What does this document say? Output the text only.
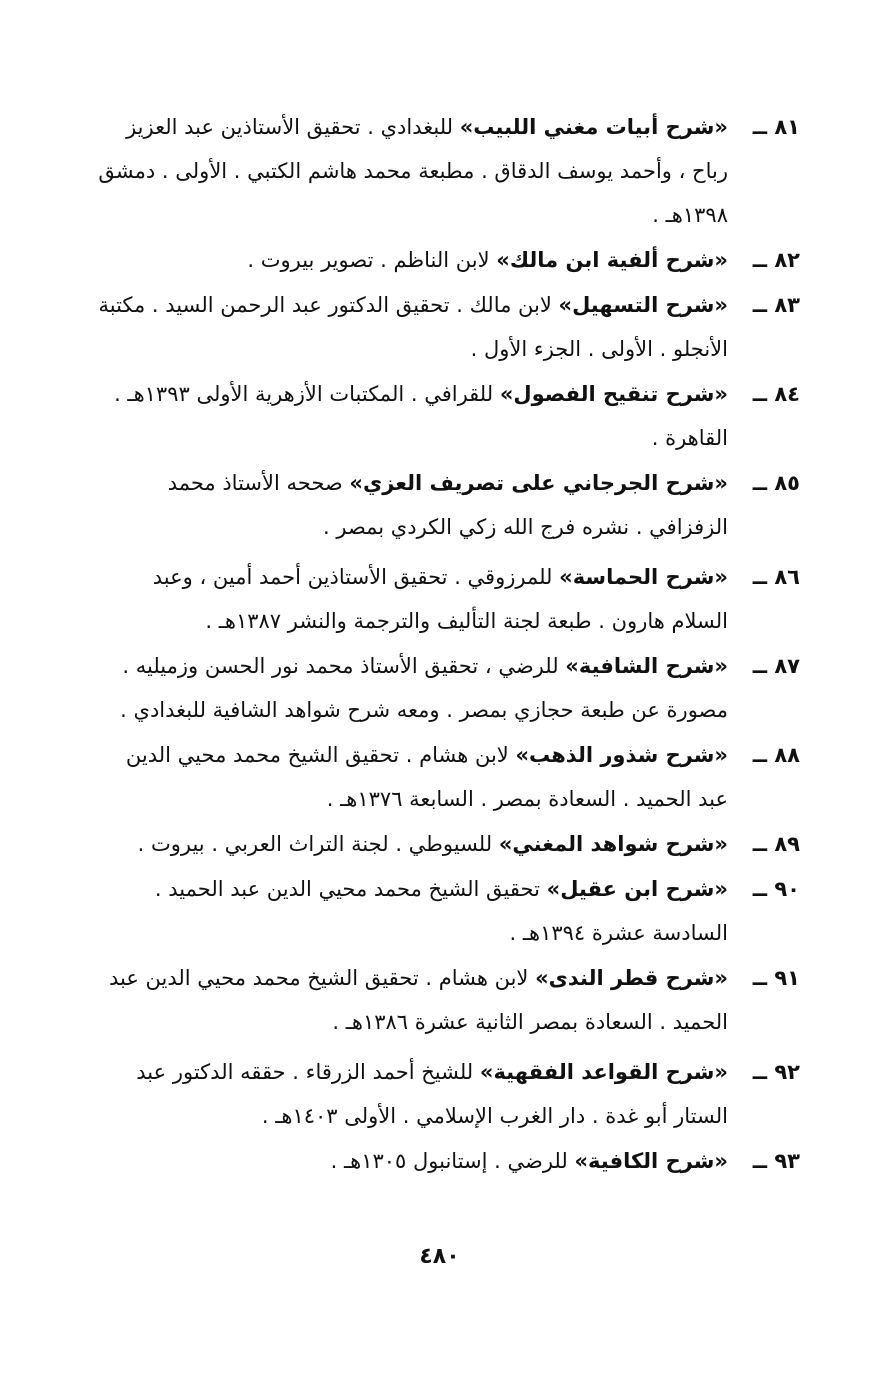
٨١ ــ
«شرح أبيات مغني اللبيب» للبغدادي . تحقيق الأستاذين عبد العزيز رباح ، وأحمد يوسف الدقاق . مطبعة محمد هاشم الكتبي . الأولى . دمشق ١٣٩٨هـ .
٨٢ ــ
«شرح ألفية ابن مالك» لابن الناظم . تصوير بيروت .
٨٣ ــ
«شرح التسهيل» لابن مالك . تحقيق الدكتور عبد الرحمن السيد . مكتبة الأنجلو . الأولى . الجزء الأول .
٨٤ ــ
«شرح تنقيح الفصول» للقرافي . المكتبات الأزهرية الأولى ١٣٩٣هـ . القاهرة .
٨٥ ــ
«شرح الجرجاني على تصريف العزي» صححه الأستاذ محمد الزفزافي . نشره فرج الله زكي الكردي بمصر .
٨٦ ــ
«شرح الحماسة» للمرزوقي . تحقيق الأستاذين أحمد أمين ، وعبد السلام هارون . طبعة لجنة التأليف والترجمة والنشر ١٣٨٧هـ .
٨٧ ــ
«شرح الشافية» للرضي ، تحقيق الأستاذ محمد نور الحسن وزميليه . مصورة عن طبعة حجازي بمصر . ومعه شرح شواهد الشافية للبغدادي .
٨٨ ــ
«شرح شذور الذهب» لابن هشام . تحقيق الشيخ محمد محيي الدين عبد الحميد . السعادة بمصر . السابعة ١٣٧٦هـ .
٨٩ ــ
«شرح شواهد المغني» للسيوطي . لجنة التراث العربي . بيروت .
٩٠ ــ
«شرح ابن عقيل» تحقيق الشيخ محمد محيي الدين عبد الحميد . السادسة عشرة ١٣٩٤هـ .
٩١ ــ
«شرح قطر الندى» لابن هشام . تحقيق الشيخ محمد محيي الدين عبد الحميد . السعادة بمصر الثانية عشرة ١٣٨٦هـ .
٩٢ ــ
«شرح القواعد الفقهية» للشيخ أحمد الزرقاء . حققه الدكتور عبد الستار أبو غدة . دار الغرب الإسلامي . الأولى ١٤٠٣هـ .
٩٣ ــ
«شرح الكافية» للرضي . إستانبول ١٣٠٥هـ .
٤٨٠
